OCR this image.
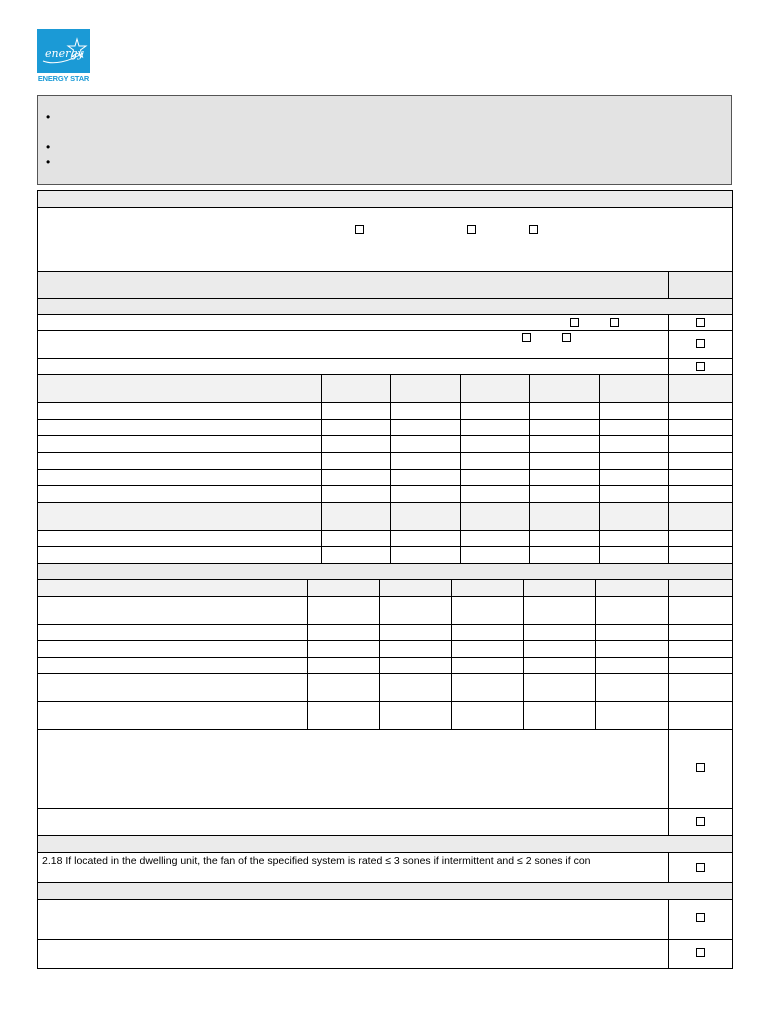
energy
ENERGY STAR
•
•
•
2.18 If located in the dwelling unit, the fan of the specified system is rated ≤ 3 sones if intermittent and ≤ 2 sones if con
